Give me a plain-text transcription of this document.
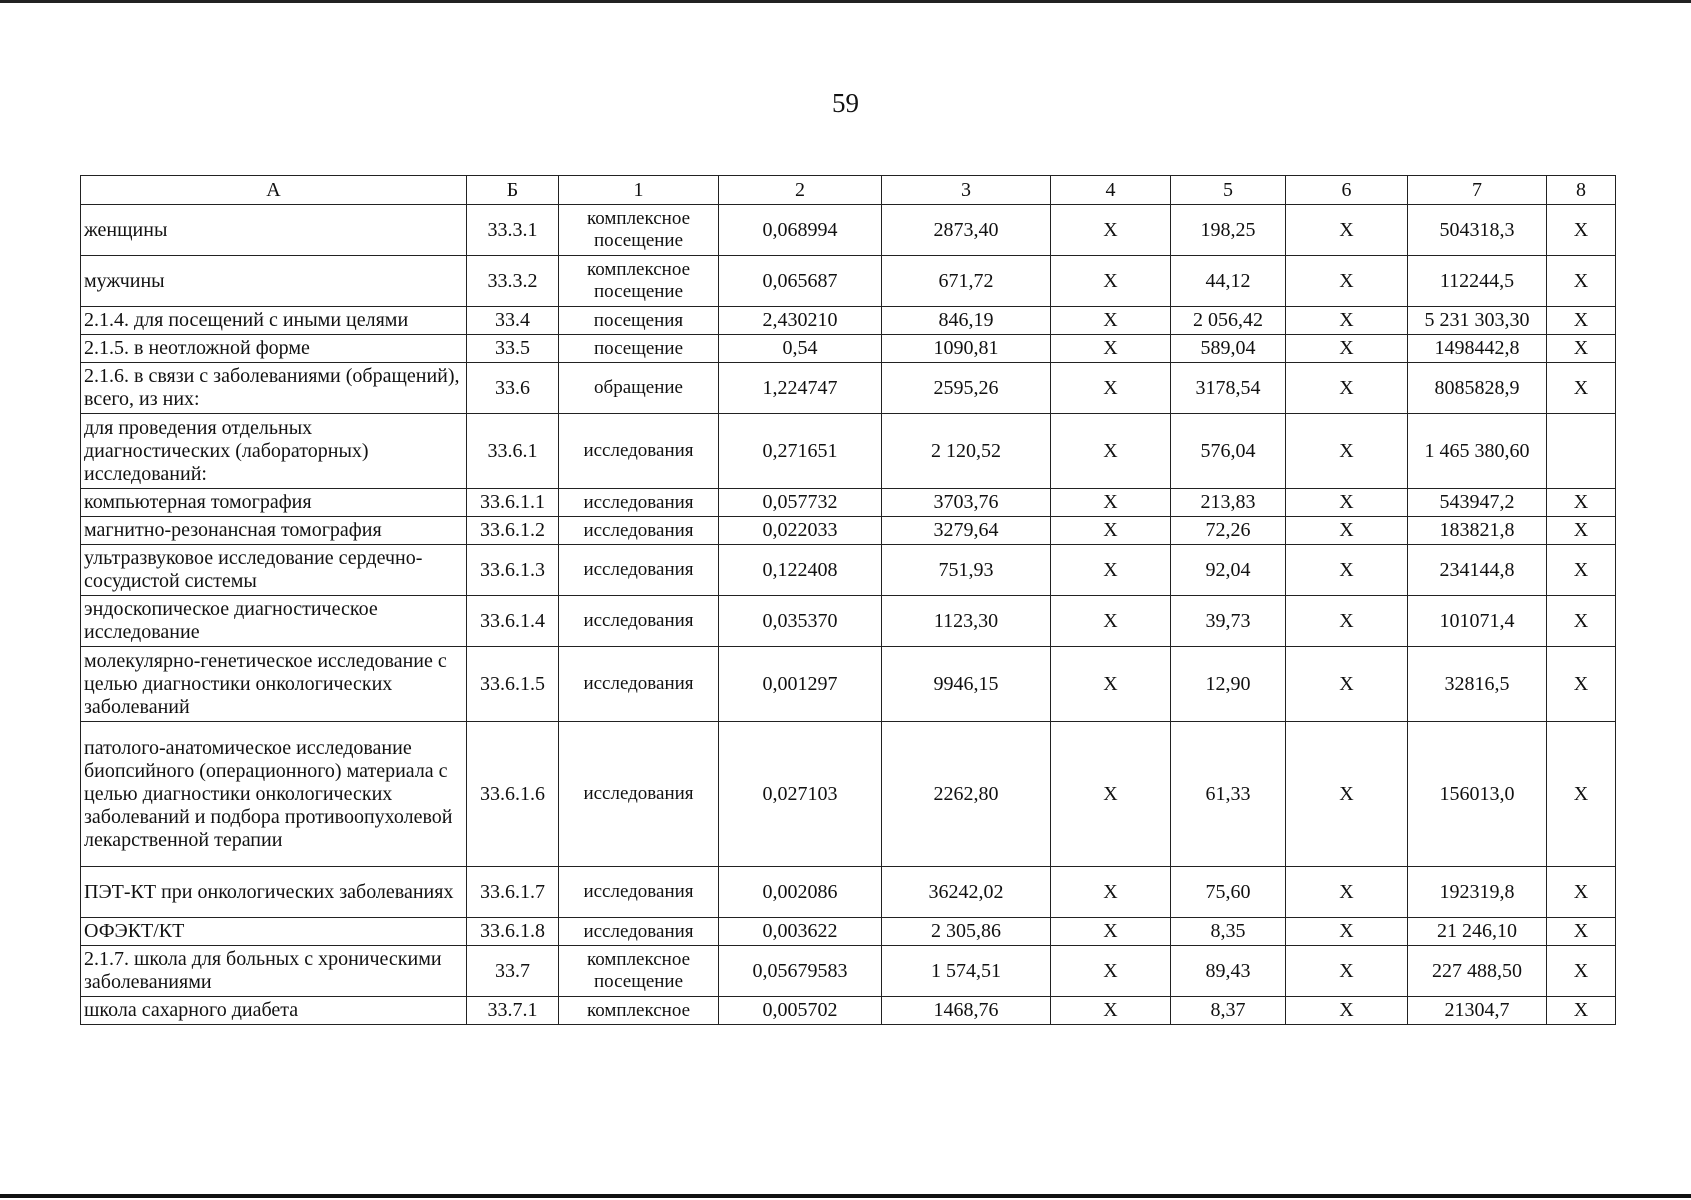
59
А	Б	1	2	3	4	5	6	7	8
женщины	33.3.1	комплексное посещение	0,068994	2873,40	X	198,25	X	504318,3	X
мужчины	33.3.2	комплексное посещение	0,065687	671,72	X	44,12	X	112244,5	X
2.1.4. для посещений с иными целями	33.4	посещения	2,430210	846,19	X	2 056,42	X	5 231 303,30	X
2.1.5. в неотложной форме	33.5	посещение	0,54	1090,81	X	589,04	X	1498442,8	X
2.1.6. в связи с заболеваниями (обращений), всего, из них:	33.6	обращение	1,224747	2595,26	X	3178,54	X	8085828,9	X
для проведения отдельных диагностических (лабораторных) исследований:	33.6.1	исследования	0,271651	2 120,52	X	576,04	X	1 465 380,60	
компьютерная томография	33.6.1.1	исследования	0,057732	3703,76	X	213,83	X	543947,2	X
магнитно-резонансная томография	33.6.1.2	исследования	0,022033	3279,64	X	72,26	X	183821,8	X
ультразвуковое исследование сердечно-сосудистой системы	33.6.1.3	исследования	0,122408	751,93	X	92,04	X	234144,8	X
эндоскопическое диагностическое исследование	33.6.1.4	исследования	0,035370	1123,30	X	39,73	X	101071,4	X
молекулярно-генетическое исследование с целью диагностики онкологических заболеваний	33.6.1.5	исследования	0,001297	9946,15	X	12,90	X	32816,5	X
патолого-анатомическое исследование биопсийного (операционного) материала с целью диагностики онкологических заболеваний и подбора противоопухолевой лекарственной терапии	33.6.1.6	исследования	0,027103	2262,80	X	61,33	X	156013,0	X
ПЭТ-КТ при онкологических заболеваниях	33.6.1.7	исследования	0,002086	36242,02	X	75,60	X	192319,8	X
ОФЭКТ/КТ	33.6.1.8	исследования	0,003622	2 305,86	X	8,35	X	21 246,10	X
2.1.7. школа для больных с хроническими заболеваниями	33.7	комплексное посещение	0,05679583	1 574,51	X	89,43	X	227 488,50	X
школа сахарного диабета	33.7.1	комплексное	0,005702	1468,76	X	8,37	X	21304,7	X
